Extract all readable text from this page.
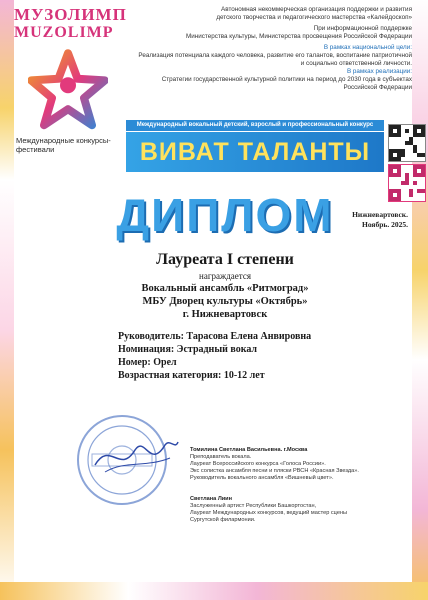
МУЗОЛИМП
MUZOLIMP
Международные конкурсы-фестивали

Автономная некоммерческая организация поддержки и развития

детского творчества и педагогического мастерства «Калейдоскоп»

При информационной поддержке

Министерства культуры, Министерства просвещения Российской Федерации

В рамках национальной цели:

Реализация потенциала каждого человека, развитие его талантов, воспитание патриотичной и социально ответственной личности.

В рамках реализации:

Стратегии государственной культурной политики на период до 2030 года в субъектах Российской Федерации

Международный вокальный детский, взрослый и профессиональный конкурс
ВИВАТ ТАЛАНТЫ
ДИПЛОМ	Нижневартовск.
Ноябрь. 2025.
Лауреата I степени
награждается
Вокальный ансамбль «Ритмоград»
МБУ Дворец культуры «Октябрь»
г. Нижневартовск
Руководитель: Тарасова Елена Анвировна
Номинация: Эстрадный вокал
Номер: Орел
Возрастная категория: 10-12 лет

Томилина Светлана Васильевна. г.Москва

Преподаватель вокала.

Лауреат Всероссийского конкурса «Голоса России».

Экс солистка ансамбля песни и пляски РВСН «Красная Звезда».

Руководитель вокального ансамбля «Вишневый цвет».

Светлана Лиин

Заслуженный артист Республики Башкортостан,

Лауреат Международных конкурсов, ведущий мастер сцены

Сургутской филармонии.
